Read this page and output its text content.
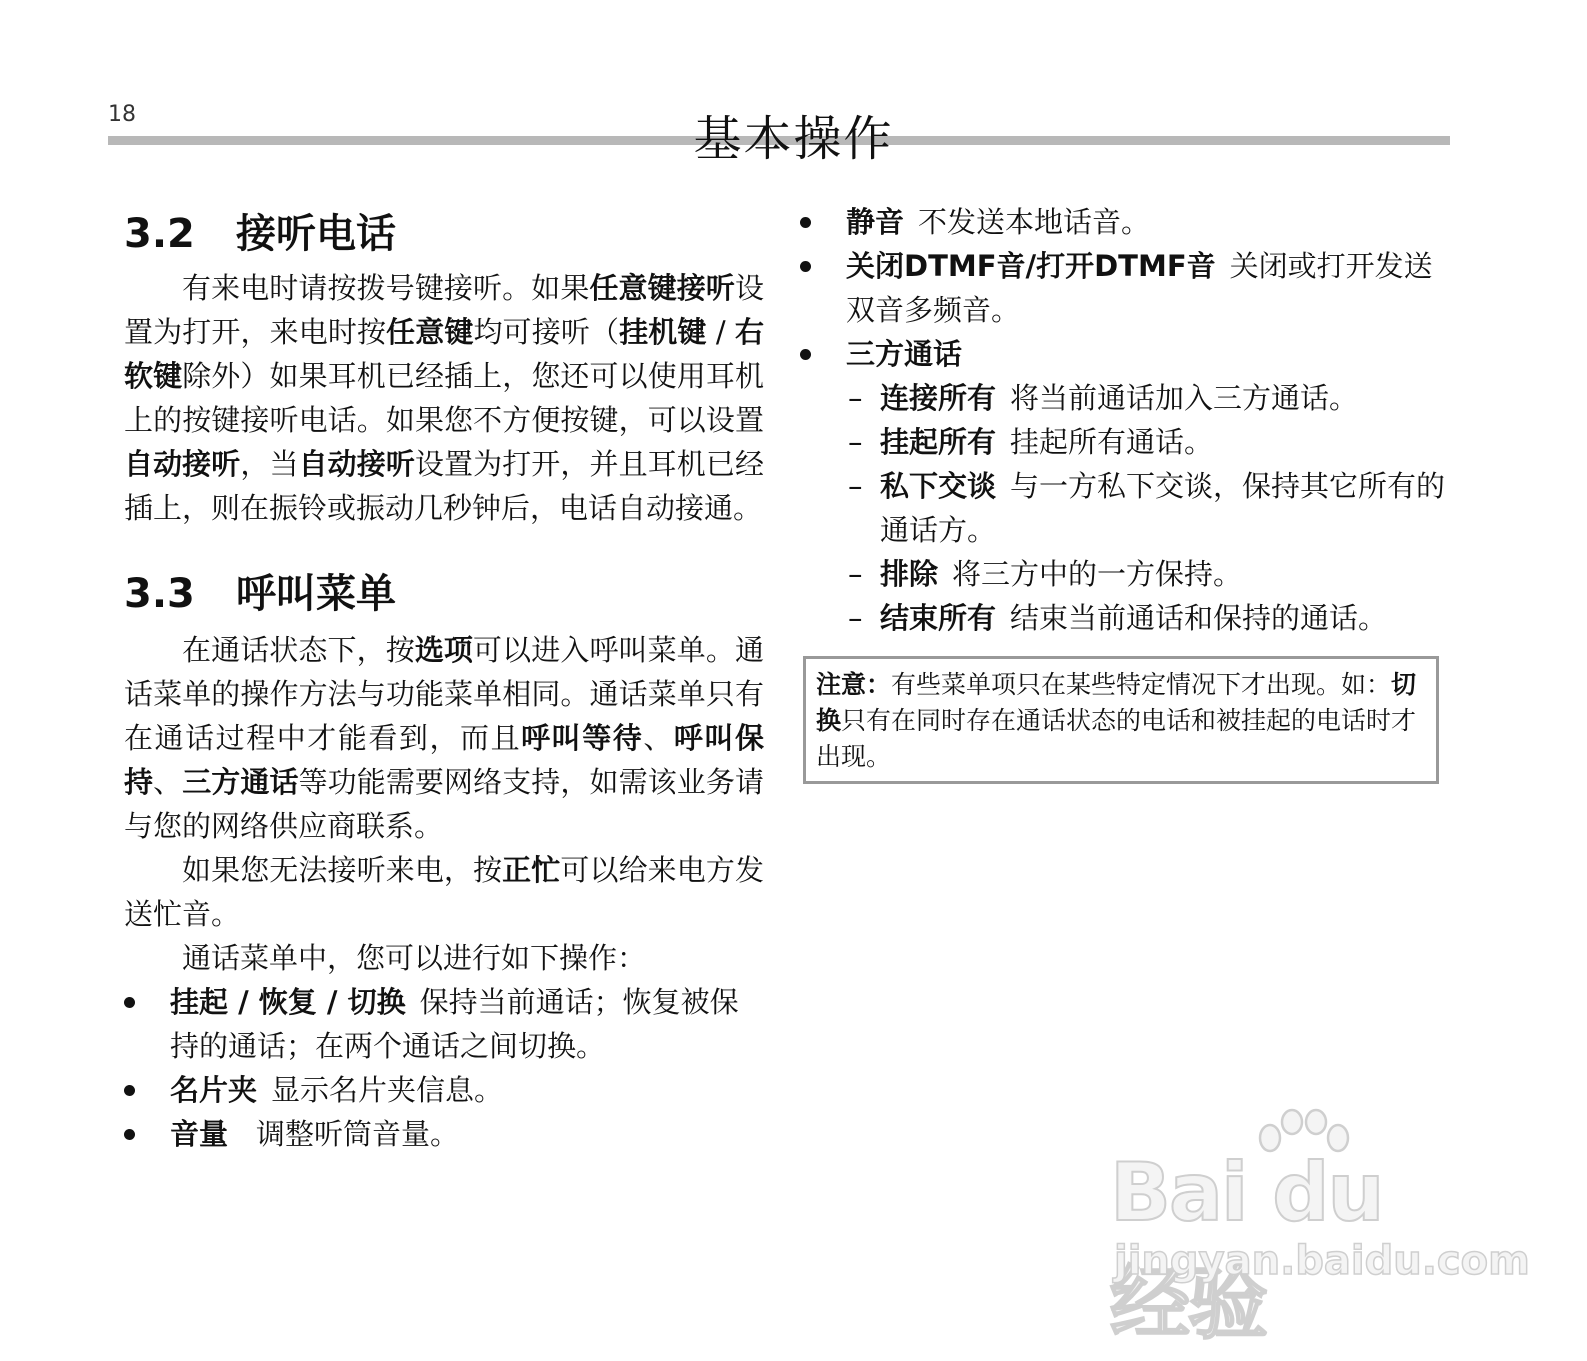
18	基本操作
3.2	接听电话

有来电时请按拨号键接听。如果任意键接听设置为打开，来电时按任意键均可接听（挂机键 / 右软键除外）如果耳机已经插上，您还可以使用耳机上的按键接听电话。如果您不方便按键，可以设置自动接听，当自动接听设置为打开，并且耳机已经插上，则在振铃或振动几秒钟后，电话自动接通。

3.3	呼叫菜单

在通话状态下，按选项可以进入呼叫菜单。通话菜单的操作方法与功能菜单相同。通话菜单只有在通话过程中才能看到，而且呼叫等待、呼叫保持、三方通话等功能需要网络支持，如需该业务请与您的网络供应商联系。

如果您无法接听来电，按正忙可以给来电方发送忙音。

通话菜单中，您可以进行如下操作：

挂起 / 恢复 / 切换 保持当前通话；恢复被保持的通话；在两个通话之间切换。
名片夹 显示名片夹信息。
音量 调整听筒音量。
静音 不发送本地话音。
关闭DTMF音/打开DTMF音 关闭或打开发送双音多频音。
三方通话
– 连接所有 将当前通话加入三方通话。
– 挂起所有 挂起所有通话。
– 私下交谈 与一方私下交谈，保持其它所有的通话方。
– 排除 将三方中的一方保持。
– 结束所有 结束当前通话和保持的通话。
注意：有些菜单项只在某些特定情况下才出现。如：切换只有在同时存在通话状态的电话和被挂起的电话时才出现。
Bai du 经验
jingyan.baidu.com
